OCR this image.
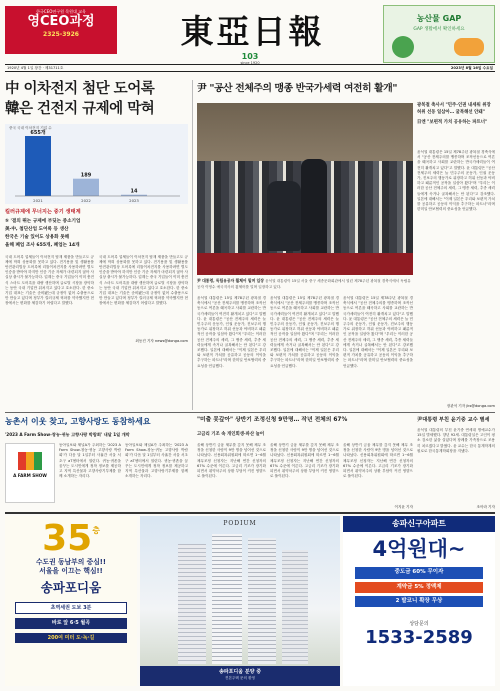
한국CEO연구원 목원대 교육
영CEO과정
2325-3926	東亞日報
103
since 1920
농산물 GAP
GAP 생활에서 확인하세요
1920년 4월 1일 창간 · 제31711호	2023년 8월 16일 수요일
中 이차전지 첨단 도어록
韓은 건전지 규제에 막혀
중국 국내 이차전지 기업 수
655개
2021
189
2022
14
2023
킬러규제에 무너지는 중기 생태계
⑤ '결의 뛰는 규제에 부딪는 중소기업
美·中, 첨단산업 도어록 등 생산
한국은 기술 있어도 상용화 못해
올해 폐업 조사 655개, 폐업는 14개
국내 도어록 업체들이 이차전지 탑재 제품을 만들고도 규제에 막혀 상용화를 못하고 있다. 전기용품 및 생활용품 안전관리법상 도어록에 리튬이차전지를 사용하려면 별도 인증을 받아야 하지만 인증 기준 자체가 마련되지 않아 사실상 출시가 불가능하다. 업계는 중국 기업들이 이미 충전식 스마트 도어록을 대량 생산하며 글로벌 시장을 장악하는 동안 국내 기업만 뒤처지고 있다고 호소한다. 한 중소기업 대표는 기술은 준비됐는데 규정이 없어 수출용으로만 만들고 있다며 정부가 킬러규제 혁파를 약속했지만 현장에서는 변화를 체감하기 어렵다고 말했다.
국내 도어록 업체들이 이차전지 탑재 제품을 만들고도 규제에 막혀 상용화를 못하고 있다. 전기용품 및 생활용품 안전관리법상 도어록에 리튬이차전지를 사용하려면 별도 인증을 받아야 하지만 인증 기준 자체가 마련되지 않아 사실상 출시가 불가능하다. 업계는 중국 기업들이 이미 충전식 스마트 도어록을 대량 생산하며 글로벌 시장을 장악하는 동안 국내 기업만 뒤처지고 있다고 호소한다. 한 중소기업 대표는 기술은 준비됐는데 규정이 없어 수출용으로만 만들고 있다며 정부가 킬러규제 혁파를 약속했지만 현장에서는 변화를 체감하기 어렵다고 말했다.
최동진 기자 news@donga.com
尹 "공산 전체주의 맹종 반국가세력 여전히 활개"
광복절 축사서 "민주·인권 내세워 위장
허위 선동 일삼아… 굴복해선 안돼"
日엔 "보편적 가치 공유하는 파트너"
윤석열 대통령은 15일 제78주년 광복절 경축식에서 "공산 전체주의를 맹종하며 조작선동으로 여론을 왜곡하고 사회를 교란하는 반국가세력들이 여전히 활개치고 있다"고 말했다. 윤 대통령은 "공산 전체주의 세력은 늘 민주주의 운동가, 인권 운동가, 진보주의 행동가로 위장하고 허위 선동과 야비하고 패륜적인 공작을 일삼아 왔다"며 "우리는 이러한 공산 전체주의 세력, 그 맹종 세력, 추종 세력들에게 속거나 굴복해서는 안 된다"고 강조했다. 일본에 대해서는 "이제 일본은 우리와 보편적 가치를 공유하고 공동의 이익을 추구하는 파트너"라며 한미일 안보협력의 중요성을 언급했다.
尹 대통령, 독립유공자 휠체어 밀며 입장 윤석열 대통령이 15일 서울 중구 세종문화회관에서 열린 제78주년 광복절 경축식에서 독립유공자 이영수 애국지사의 휠체어를 밀며 입장하고 있다.
윤석열 대통령은 15일 제78주년 광복절 경축식에서 "공산 전체주의를 맹종하며 조작선동으로 여론을 왜곡하고 사회를 교란하는 반국가세력들이 여전히 활개치고 있다"고 말했다. 윤 대통령은 "공산 전체주의 세력은 늘 민주주의 운동가, 인권 운동가, 진보주의 행동가로 위장하고 허위 선동과 야비하고 패륜적인 공작을 일삼아 왔다"며 "우리는 이러한 공산 전체주의 세력, 그 맹종 세력, 추종 세력들에게 속거나 굴복해서는 안 된다"고 강조했다. 일본에 대해서는 "이제 일본은 우리와 보편적 가치를 공유하고 공동의 이익을 추구하는 파트너"라며 한미일 안보협력의 중요성을 언급했다.
윤석열 대통령은 15일 제78주년 광복절 경축식에서 "공산 전체주의를 맹종하며 조작선동으로 여론을 왜곡하고 사회를 교란하는 반국가세력들이 여전히 활개치고 있다"고 말했다. 윤 대통령은 "공산 전체주의 세력은 늘 민주주의 운동가, 인권 운동가, 진보주의 행동가로 위장하고 허위 선동과 야비하고 패륜적인 공작을 일삼아 왔다"며 "우리는 이러한 공산 전체주의 세력, 그 맹종 세력, 추종 세력들에게 속거나 굴복해서는 안 된다"고 강조했다. 일본에 대해서는 "이제 일본은 우리와 보편적 가치를 공유하고 공동의 이익을 추구하는 파트너"라며 한미일 안보협력의 중요성을 언급했다.
윤석열 대통령은 15일 제78주년 광복절 경축식에서 "공산 전체주의를 맹종하며 조작선동으로 여론을 왜곡하고 사회를 교란하는 반국가세력들이 여전히 활개치고 있다"고 말했다. 윤 대통령은 "공산 전체주의 세력은 늘 민주주의 운동가, 인권 운동가, 진보주의 행동가로 위장하고 허위 선동과 야비하고 패륜적인 공작을 일삼아 왔다"며 "우리는 이러한 공산 전체주의 세력, 그 맹종 세력, 추종 세력들에게 속거나 굴복해서는 안 된다"고 강조했다. 일본에 대해서는 "이제 일본은 우리와 보편적 가치를 공유하고 공동의 이익을 추구하는 파트너"라며 한미일 안보협력의 중요성을 언급했다.
장관석 기자 jks@donga.com
농촌서 이웃 찾고, 고향사랑도 동참하세요
'2023 A Farm Show-창농·귀농 고향사랑 박람회' 내달 1일 개막
A FARM SHOW
동아일보와 채널A가 주최하는 '2023 A Farm Show-창농·귀농 고향사랑 박람회'가 다음 달 1일부터 사흘간 서울 서초구 aT센터에서 열린다. 귀농·귀촌을 꿈꾸는 도시민에게 정착 정보를 제공하고 지역 특산물과 고향사랑기부제를 함께 소개하는 자리다.
동아일보와 채널A가 주최하는 '2023 A Farm Show-창농·귀농 고향사랑 박람회'가 다음 달 1일부터 사흘간 서울 서초구 aT센터에서 열린다. 귀농·귀촌을 꿈꾸는 도시민에게 정착 정보를 제공하고 지역 특산물과 고향사랑기부제를 함께 소개하는 자리다.
"미출 못갚아" 상반기 조정신청 9만명… 작년 전체의 67%
고금리 기조 속 개인회생·파산 늘어
올해 상반기 금융 채무를 갚지 못해 채무 조정을 신청한 사람이 9만 명을 넘어선 것으로 나타났다. 신용회복위원회에 따르면 1~6월 채무조정 신청자는 지난해 연간 신청자의 67% 수준에 이른다. 고금리 기조가 장기화되면서 취약차주의 상환 부담이 커진 영향으로 풀이된다.
올해 상반기 금융 채무를 갚지 못해 채무 조정을 신청한 사람이 9만 명을 넘어선 것으로 나타났다. 신용회복위원회에 따르면 1~6월 채무조정 신청자는 지난해 연간 신청자의 67% 수준에 이른다. 고금리 기조가 장기화되면서 취약차주의 상환 부담이 커진 영향으로 풀이된다.
올해 상반기 금융 채무를 갚지 못해 채무 조정을 신청한 사람이 9만 명을 넘어선 것으로 나타났다. 신용회복위원회에 따르면 1~6월 채무조정 신청자는 지난해 연간 신청자의 67% 수준에 이른다. 고금리 기조가 장기화되면서 취약차주의 상환 부담이 커진 영향으로 풀이된다.
이지윤 기자
尹대통령 부친 윤기중 교수 별세
윤석열 대통령의 부친 윤기중 연세대 명예교수가 15일 별세했다. 향년 92세. 대통령실은 고인이 평소 검소한 삶을 살았다며 장례를 가족장으로 조용히 치르겠다고 밝혔다. 윤 교수는 한국 통계학계의 원로로 한국통계학회장을 지냈다.
조아라 기자
35 층
수도권 동남부의 중심!!
서울을 이끄는 핵심!!
송파포디움
초역세권 도보 3분
바로 앞 6·5 월곡
200여 미터 도·녹·길
PODIUM
송파포디움 분양 중
견본주택 문의 환영
송파신구아파트
4억원대~
중도금 60% 무이자
계약금 5% 정액제
2 발코니 확장 무상
상담문의
1533-2589
